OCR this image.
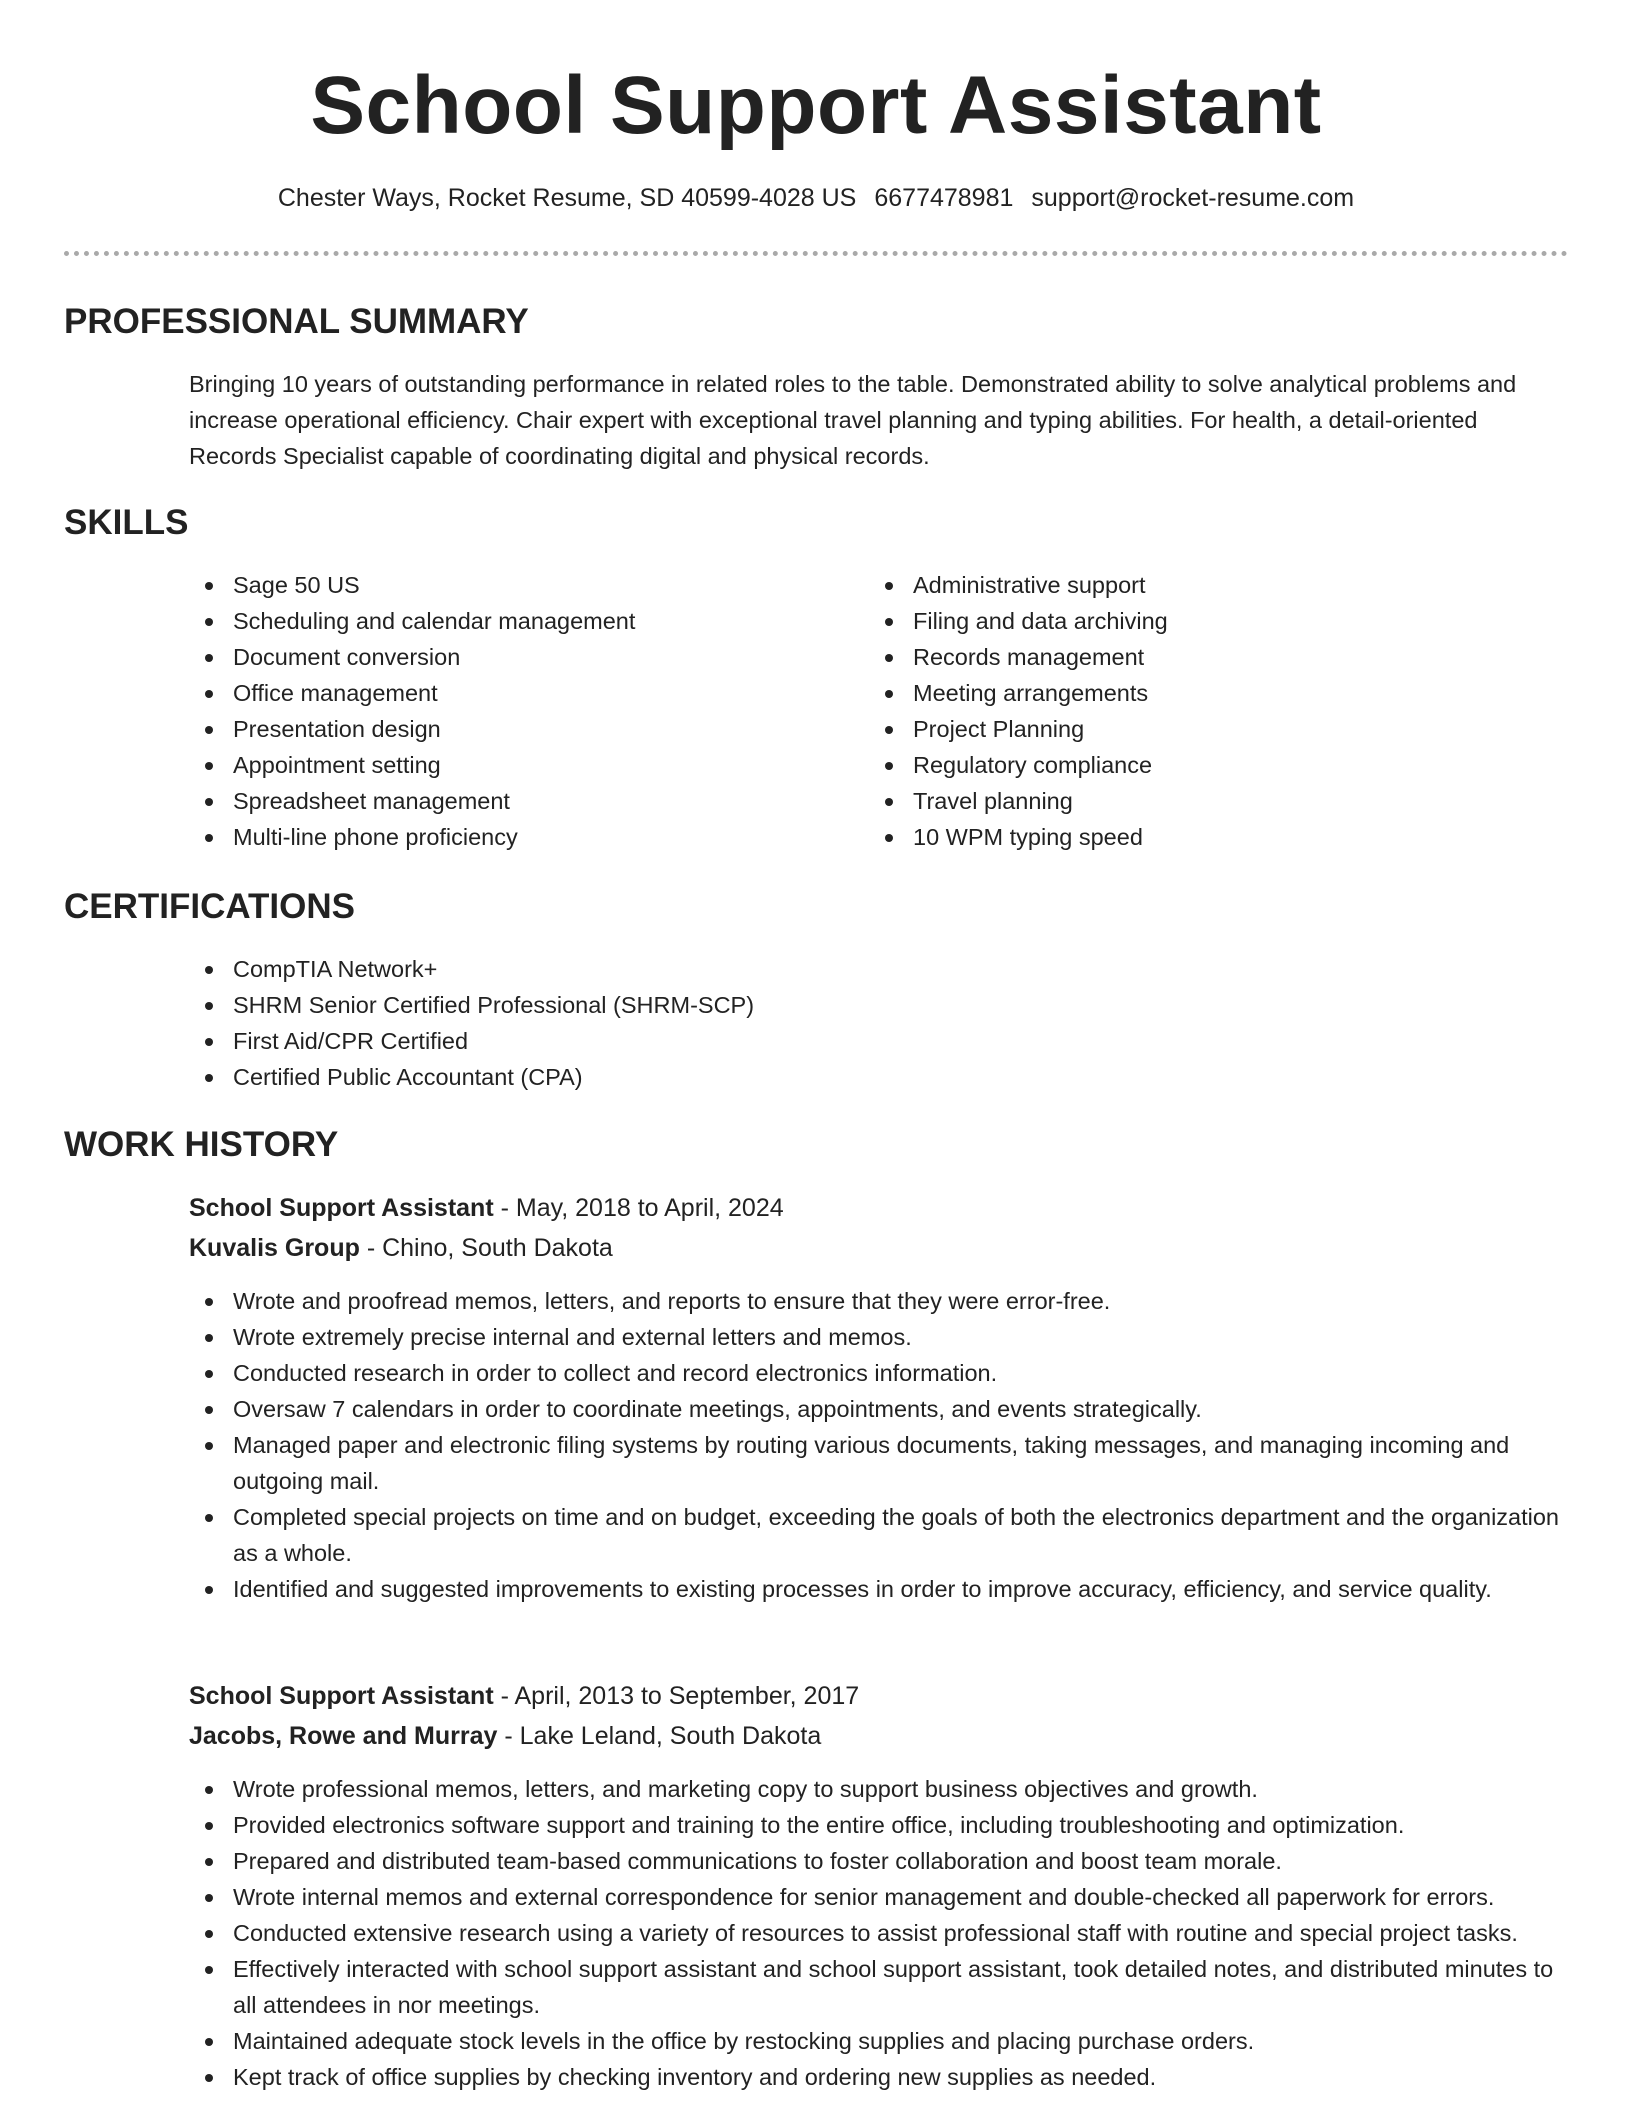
School Support Assistant
Chester Ways, Rocket Resume, SD 40599-4028 US 6677478981 support@rocket-resume.com
PROFESSIONAL SUMMARY

Bringing 10 years of outstanding performance in related roles to the table. Demonstrated ability to solve analytical problems and increase operational efficiency. Chair expert with exceptional travel planning and typing abilities. For health, a detail-oriented Records Specialist capable of coordinating digital and physical records.

SKILLS
Sage 50 US
Scheduling and calendar management
Document conversion
Office management
Presentation design
Appointment setting
Spreadsheet management
Multi-line phone proficiency
Administrative support
Filing and data archiving
Records management
Meeting arrangements
Project Planning
Regulatory compliance
Travel planning
10 WPM typing speed
CERTIFICATIONS
CompTIA Network+
SHRM Senior Certified Professional (SHRM-SCP)
First Aid/CPR Certified
Certified Public Accountant (CPA)
WORK HISTORY
School Support Assistant - May, 2018 to April, 2024
Kuvalis Group - Chino, South Dakota
Wrote and proofread memos, letters, and reports to ensure that they were error-free.
Wrote extremely precise internal and external letters and memos.
Conducted research in order to collect and record electronics information.
Oversaw 7 calendars in order to coordinate meetings, appointments, and events strategically.
Managed paper and electronic filing systems by routing various documents, taking messages, and managing incoming and outgoing mail.
Completed special projects on time and on budget, exceeding the goals of both the electronics department and the organization as a whole.
Identified and suggested improvements to existing processes in order to improve accuracy, efficiency, and service quality.
School Support Assistant - April, 2013 to September, 2017
Jacobs, Rowe and Murray - Lake Leland, South Dakota
Wrote professional memos, letters, and marketing copy to support business objectives and growth.
Provided electronics software support and training to the entire office, including troubleshooting and optimization.
Prepared and distributed team-based communications to foster collaboration and boost team morale.
Wrote internal memos and external correspondence for senior management and double-checked all paperwork for errors.
Conducted extensive research using a variety of resources to assist professional staff with routine and special project tasks.
Effectively interacted with school support assistant and school support assistant, took detailed notes, and distributed minutes to all attendees in nor meetings.
Maintained adequate stock levels in the office by restocking supplies and placing purchase orders.
Kept track of office supplies by checking inventory and ordering new supplies as needed.
